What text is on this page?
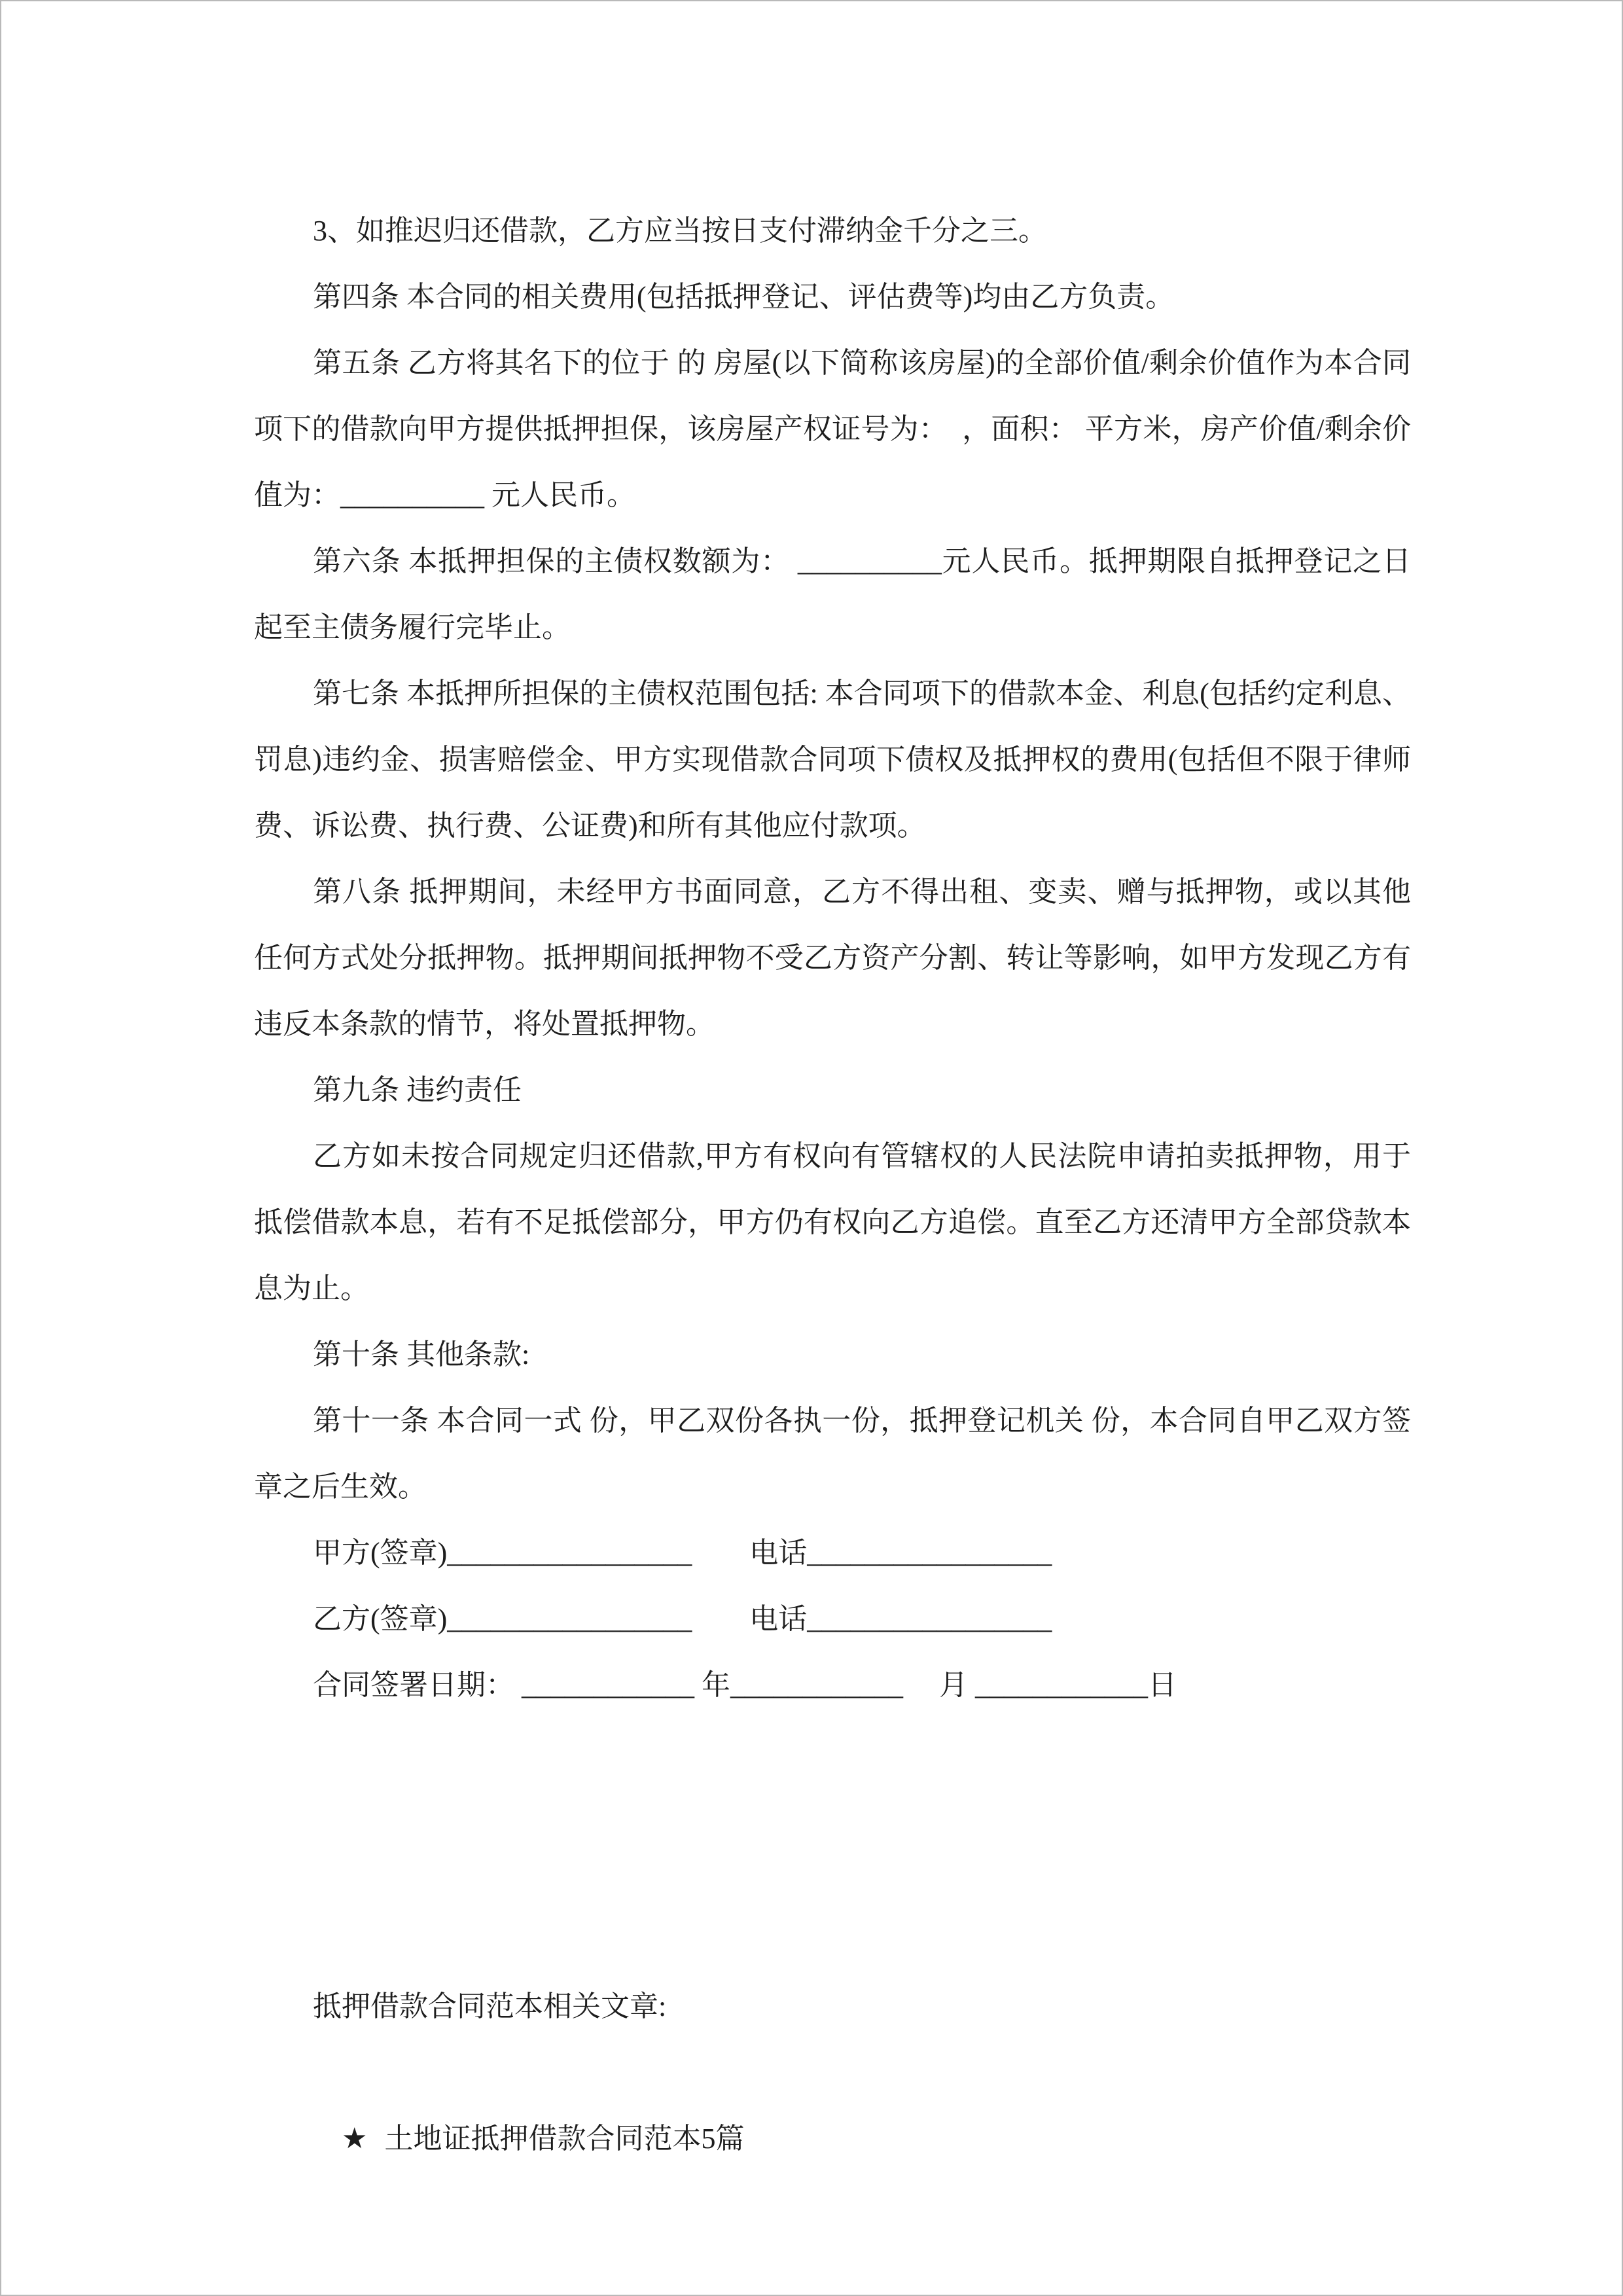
3、如推迟归还借款，乙方应当按日支付滞纳金千分之三。

第四条 本合同的相关费用(包括抵押登记、评估费等)均由乙方负责。

第五条 乙方将其名下的位于 的 房屋(以下简称该房屋)的全部价值/剩余价值作为本合同项下的借款向甲方提供抵押担保，该房屋产权证号为：  ，面积： 平方米，房产价值/剩余价值为：__________ 元人民币。

第六条 本抵押担保的主债权数额为： __________元人民币。抵押期限自抵押登记之日起至主债务履行完毕止。

第七条 本抵押所担保的主债权范围包括: 本合同项下的借款本金、利息(包括约定利息、罚息)违约金、损害赔偿金、甲方实现借款合同项下债权及抵押权的费用(包括但不限于律师费、诉讼费、执行费、公证费)和所有其他应付款项。

第八条 抵押期间，未经甲方书面同意，乙方不得出租、变卖、赠与抵押物，或以其他任何方式处分抵押物。抵押期间抵押物不受乙方资产分割、转让等影响，如甲方发现乙方有违反本条款的情节，将处置抵押物。

第九条 违约责任

乙方如未按合同规定归还借款,甲方有权向有管辖权的人民法院申请拍卖抵押物，用于抵偿借款本息，若有不足抵偿部分，甲方仍有权向乙方追偿。直至乙方还清甲方全部贷款本息为止。

第十条 其他条款:

第十一条 本合同一式 份，甲乙双份各执一份，抵押登记机关 份，本合同自甲乙双方签章之后生效。

甲方(签章)_________________　　电话_________________

乙方(签章)_________________　　电话_________________

合同签署日期： ____________ 年____________ 　月 ____________日

抵押借款合同范本相关文章:

★ 土地证抵押借款合同范本5篇
